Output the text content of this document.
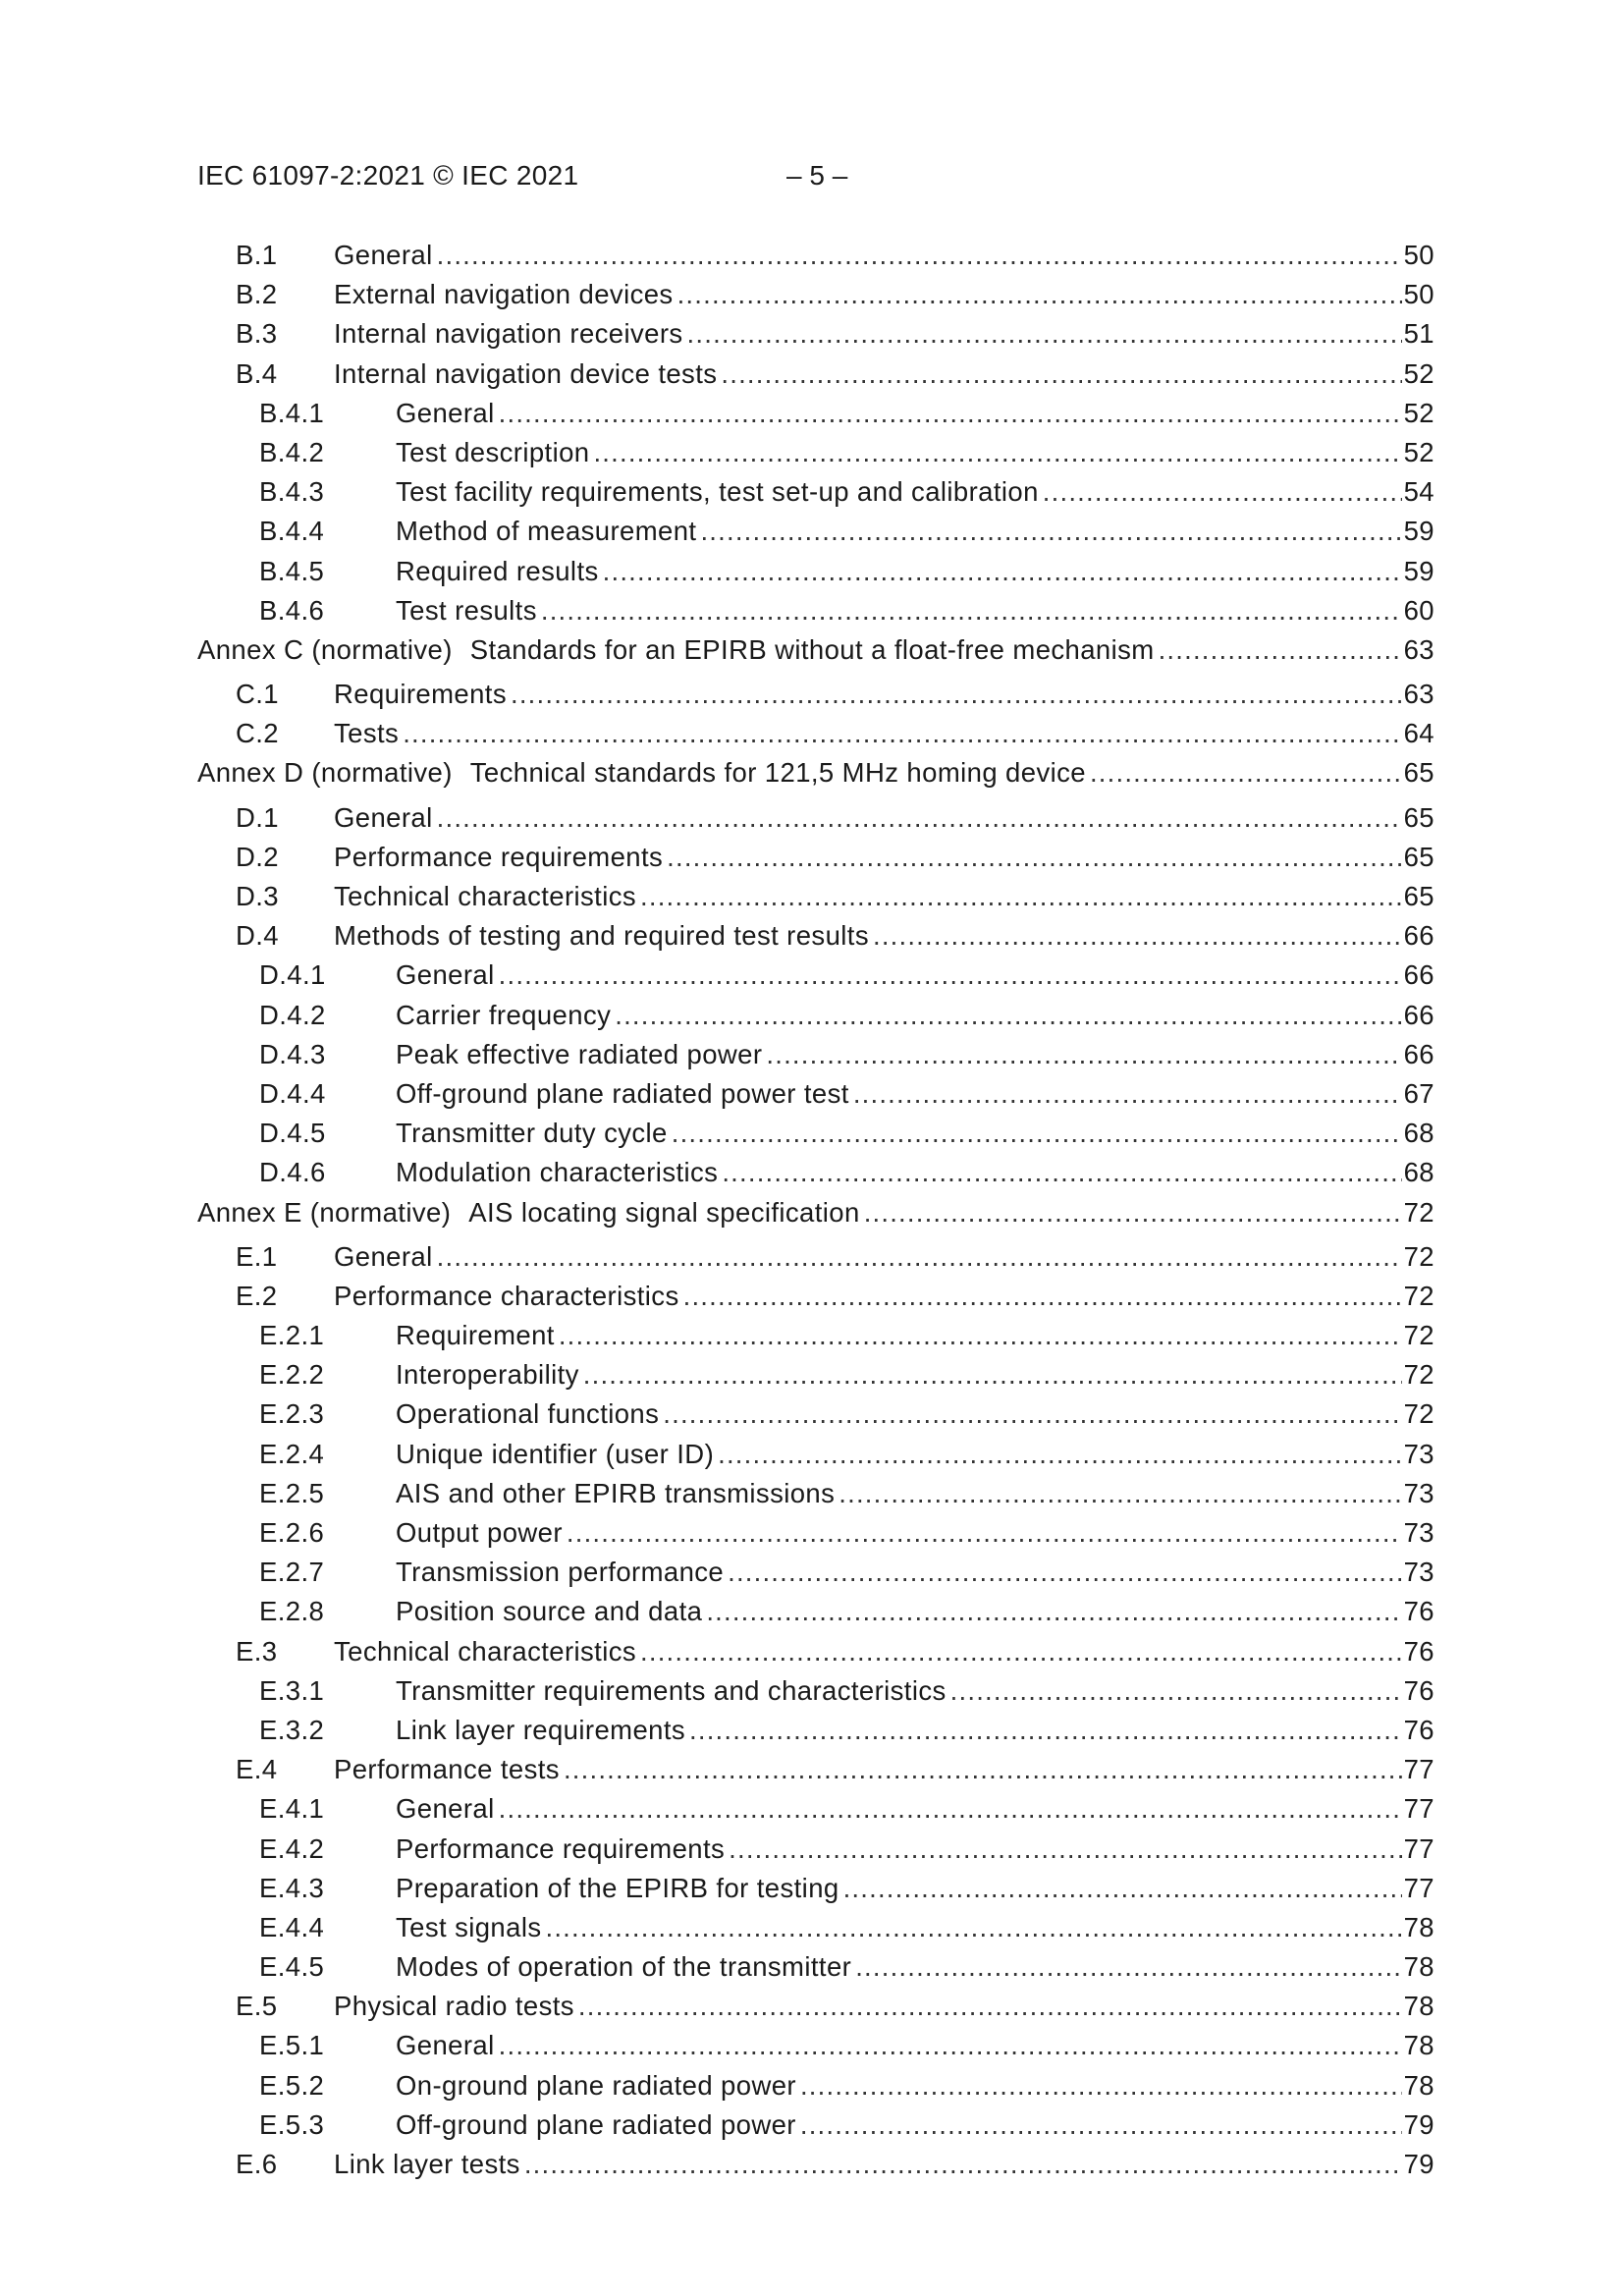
IEC 61097-2:2021 © IEC 2021	– 5 –
B.1	General .....	50
B.2	External navigation devices .....	50
B.3	Internal navigation receivers .....	51
B.4	Internal navigation device tests .....	52
B.4.1	General .....	52
B.4.2	Test description .....	52
B.4.3	Test facility requirements, test set-up and calibration .....	54
B.4.4	Method of measurement .....	59
B.4.5	Required results .....	59
B.4.6	Test results .....	60
Annex C (normative) Standards for an EPIRB without a float-free mechanism .....	63
C.1	Requirements .....	63
C.2	Tests .....	64
Annex D (normative) Technical standards for 121,5 MHz homing device .....	65
D.1	General .....	65
D.2	Performance requirements .....	65
D.3	Technical characteristics .....	65
D.4	Methods of testing and required test results .....	66
D.4.1	General .....	66
D.4.2	Carrier frequency .....	66
D.4.3	Peak effective radiated power .....	66
D.4.4	Off-ground plane radiated power test .....	67
D.4.5	Transmitter duty cycle .....	68
D.4.6	Modulation characteristics .....	68
Annex E (normative) AIS locating signal specification .....	72
E.1	General .....	72
E.2	Performance characteristics .....	72
E.2.1	Requirement .....	72
E.2.2	Interoperability .....	72
E.2.3	Operational functions .....	72
E.2.4	Unique identifier (user ID) .....	73
E.2.5	AIS and other EPIRB transmissions .....	73
E.2.6	Output power .....	73
E.2.7	Transmission performance .....	73
E.2.8	Position source and data .....	76
E.3	Technical characteristics .....	76
E.3.1	Transmitter requirements and characteristics .....	76
E.3.2	Link layer requirements .....	76
E.4	Performance tests .....	77
E.4.1	General .....	77
E.4.2	Performance requirements .....	77
E.4.3	Preparation of the EPIRB for testing .....	77
E.4.4	Test signals .....	78
E.4.5	Modes of operation of the transmitter .....	78
E.5	Physical radio tests .....	78
E.5.1	General .....	78
E.5.2	On-ground plane radiated power .....	78
E.5.3	Off-ground plane radiated power .....	79
E.6	Link layer tests .....	79
